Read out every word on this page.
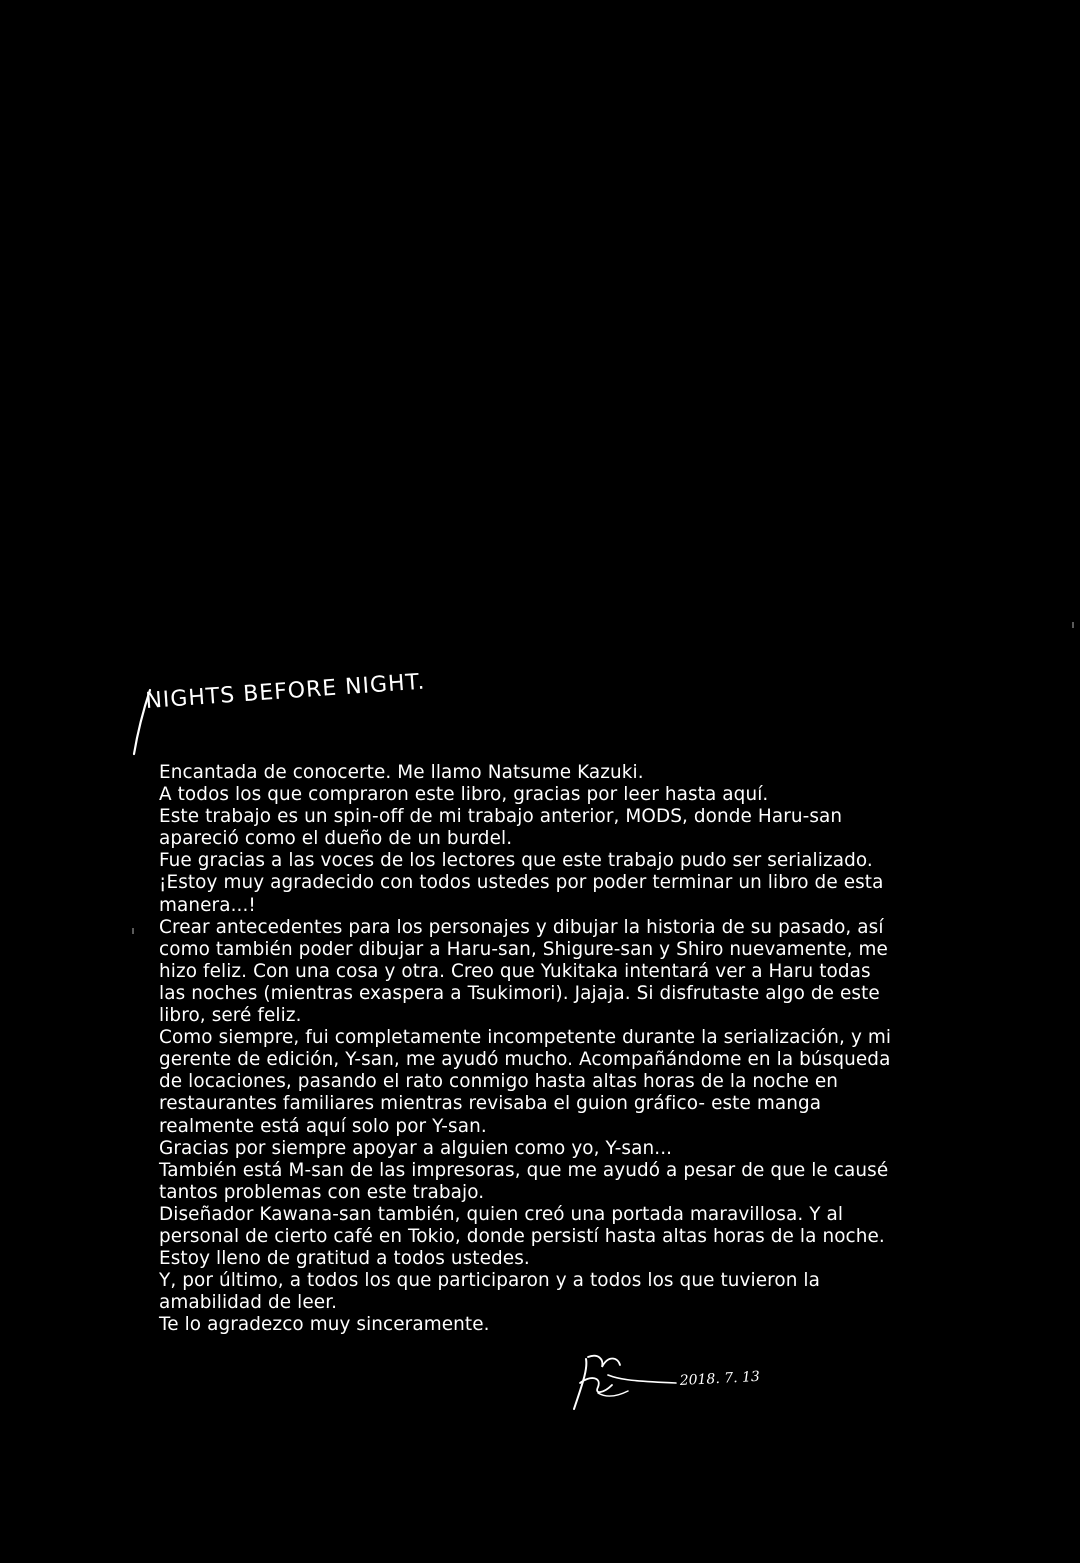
NIGHTS BEFORE NIGHT.
Encantada de conocerte. Me llamo Natsume Kazuki.
A todos los que compraron este libro, gracias por leer hasta aquí.
Este trabajo es un spin-off de mi trabajo anterior, MODS, donde Haru-san
apareció como el dueño de un burdel.
Fue gracias a las voces de los lectores que este trabajo pudo ser serializado.
¡Estoy muy agradecido con todos ustedes por poder terminar un libro de esta
manera...!
Crear antecedentes para los personajes y dibujar la historia de su pasado, así
como también poder dibujar a Haru-san, Shigure-san y Shiro nuevamente, me
hizo feliz. Con una cosa y otra. Creo que Yukitaka intentará ver a Haru todas
las noches (mientras exaspera a Tsukimori). Jajaja. Si disfrutaste algo de este
libro, seré feliz.
Como siempre, fui completamente incompetente durante la serialización, y mi
gerente de edición, Y-san, me ayudó mucho. Acompañándome en la búsqueda
de locaciones, pasando el rato conmigo hasta altas horas de la noche en
restaurantes familiares mientras revisaba el guion gráfico- este manga
realmente está aquí solo por Y-san.
Gracias por siempre apoyar a alguien como yo, Y-san...
También está M-san de las impresoras, que me ayudó a pesar de que le causé
tantos problemas con este trabajo.
Diseñador Kawana-san también, quien creó una portada maravillosa. Y al
personal de cierto café en Tokio, donde persistí hasta altas horas de la noche.
Estoy lleno de gratitud a todos ustedes.
Y, por último, a todos los que participaron y a todos los que tuvieron la
amabilidad de leer.
Te lo agradezco muy sinceramente.
2018. 7. 13
